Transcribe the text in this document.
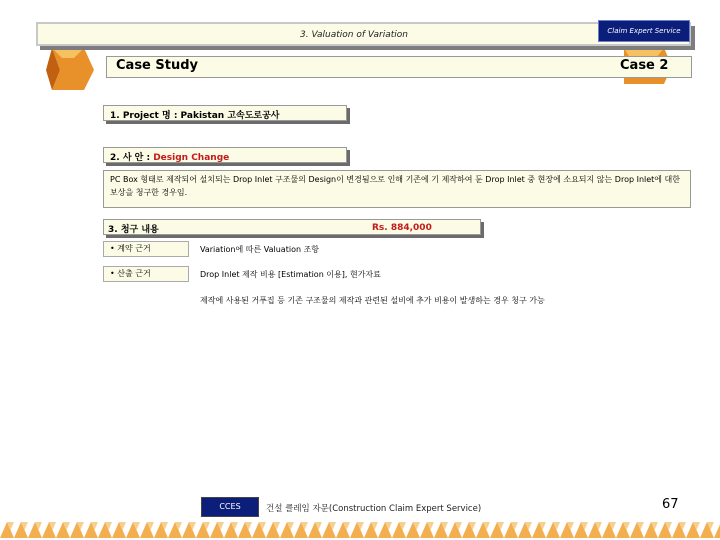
3. Valuation of Variation	Claim Expert Service
Case Study	Case 2
1. Project 명 : Pakistan 고속도로공사
2. 사 안 : Design Change
PC Box 형태로 제작되어 설치되는 Drop Inlet 구조물의 Design이 변경됨으로 인해 기존에 기 제작하여 둔 Drop Inlet 중 현장에 소요되지 않는 Drop Inlet에 대한 보상을 청구한 경우임.
3. 청구 내용	Rs. 884,000
• 계약 근거	Variation에 따른 Valuation 조항
• 산출 근거	Drop Inlet 제작 비용 [Estimation 이용], 현가자료
제작에 사용된 거푸집 등 기존 구조물의 제작과 관련된 설비에 추가 비용이 발생하는 경우 청구 가능
CCES	건설 클레임 자문(Construction Claim Expert Service)	67
